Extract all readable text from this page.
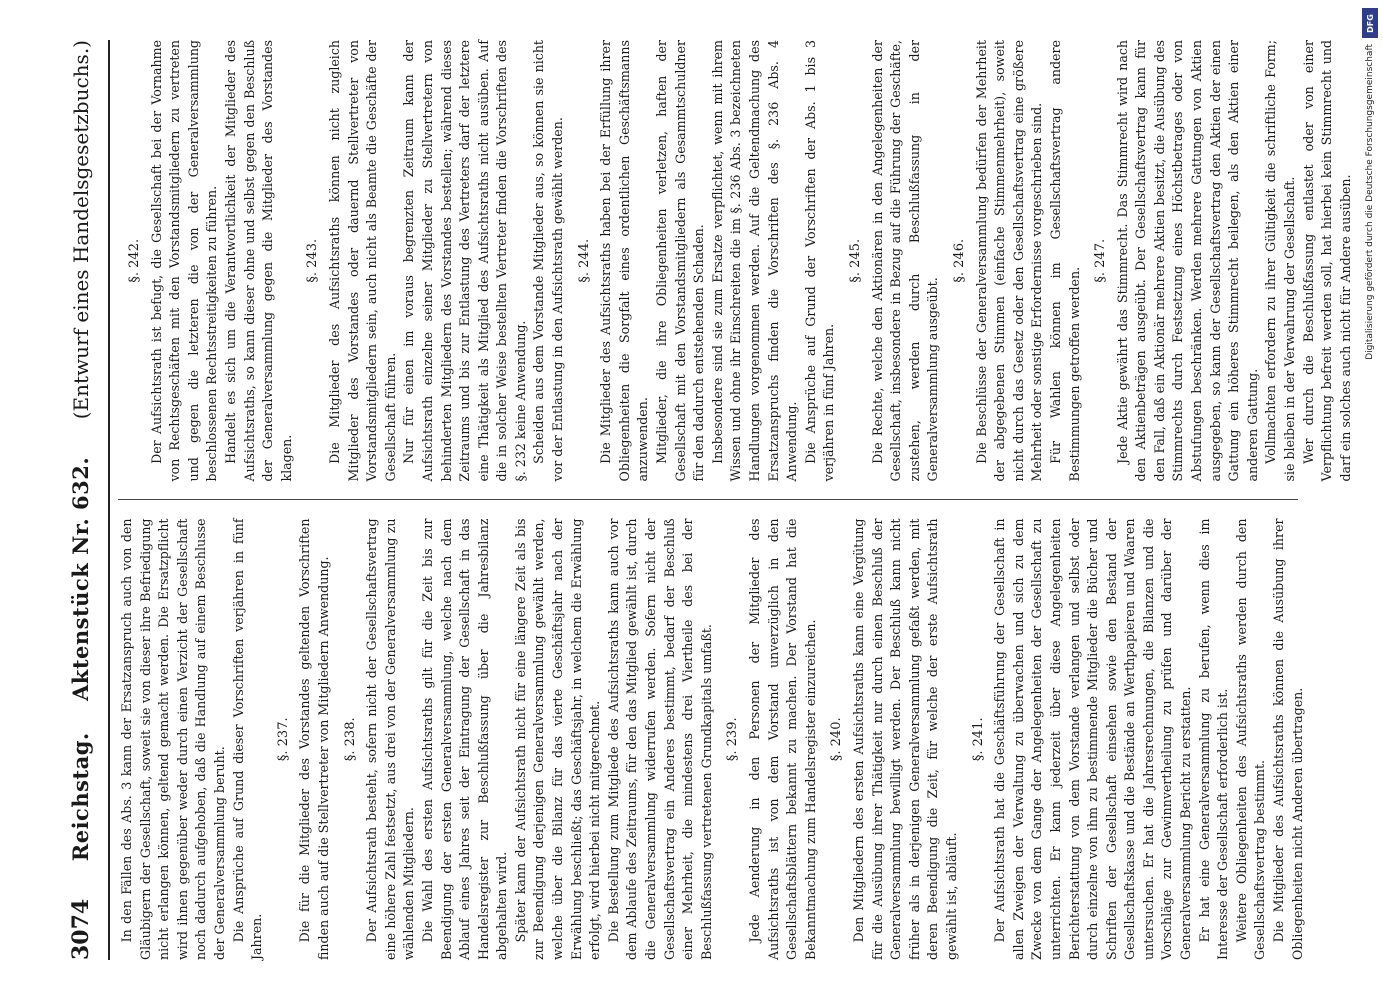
3074
Reichstag.    Aktenstück Nr. 632.
(Entwurf eines Handelsgesetzbuchs.)

In den Fällen des Abs. 3 kann der Ersatzanspruch auch von den Gläubigern der Gesellschaft, soweit sie von dieser ihre Befriedigung nicht erlangen können, geltend gemacht werden. Die Ersatzpflicht wird ihnen gegenüber weder durch einen Verzicht der Gesellschaft noch dadurch aufgehoben, daß die Handlung auf einem Beschlusse der Generalversammlung beruht. Die Ansprüche auf Grund dieser Vorschriften verjähren in fünf Jahren.

§. 237. Die für die Mitglieder des Vorstandes geltenden Vorschriften finden auch auf die Stellvertreter von Mitgliedern Anwendung. §. 238. Der Aufsichtsrath besteht, sofern nicht der Gesellschaftsvertrag eine höhere Zahl festsetzt, aus drei von der Generalversammlung zu wählenden Mitgliedern. Die Wahl des ersten Aufsichtsraths gilt für die Zeit bis zur Beendigung der ersten Generalversammlung, welche nach dem Ablauf eines Jahres seit der Eintragung der Gesellschaft in das Handelsregister zur Beschlußfassung über die Jahresbilanz abgehalten wird. Später kann der Aufsichtsrath nicht für eine längere Zeit als bis zur Beendigung derjenigen Generalversammlung gewählt werden, welche über die Bilanz für das vierte Geschäftsjahr nach der Erwählung beschließt; das Geschäftsjahr, in welchem die Erwählung erfolgt, wird hierbei nicht mitgerechnet. Die Bestellung zum Mitgliede des Aufsichtsraths kann auch vor dem Ablaufe des Zeitraums, für den das Mitglied gewählt ist, durch die Generalversammlung widerrufen werden. Sofern nicht der Gesellschaftsvertrag ein Anderes bestimmt, bedarf der Beschluß einer Mehrheit, die mindestens drei Viertheile des bei der Beschlußfassung vertretenen Grundkapitals umfaßt. §. 239. Jede Aenderung in den Personen der Mitglieder des Aufsichtsraths ist von dem Vorstand unverzüglich in den Gesellschaftsblättern bekannt zu machen. Der Vorstand hat die Bekanntmachung zum Handelsregister einzureichen. §. 240. Den Mitgliedern des ersten Aufsichtsraths kann eine Vergütung für die Ausübung ihrer Thätigkeit nur durch einen Beschluß der Generalversammlung bewilligt werden. Der Beschluß kann nicht früher als in derjenigen Generalversammlung gefaßt werden, mit deren Beendigung die Zeit, für welche der erste Aufsichtsrath gewählt ist, abläuft.

§. 241. Der Aufsichtsrath hat die Geschäftsführung der Gesellschaft in allen Zweigen der Verwaltung zu überwachen und sich zu dem Zwecke von dem Gange der Angelegenheiten der Gesellschaft zu unterrichten. Er kann jederzeit über diese Angelegenheiten Berichterstattung von dem Vorstande verlangen und selbst oder durch einzelne von ihm zu bestimmende Mitglieder die Bücher und Schriften der Gesellschaft einsehen sowie den Bestand der Gesellschaftskasse und die Bestände an Werthpapieren und Waaren untersuchen. Er hat die Jahresrechnungen, die Bilanzen und die Vorschläge zur Gewinnvertheilung zu prüfen und darüber der Generalversammlung Bericht zu erstatten. Er hat eine Generalversammlung zu berufen, wenn dies im Interesse der Gesellschaft erforderlich ist. Weitere Obliegenheiten des Aufsichtsraths werden durch den Gesellschaftsvertrag bestimmt. Die Mitglieder des Aufsichtsraths können die Ausübung ihrer Obliegenheiten nicht Anderen übertragen.

§. 242. Der Aufsichtsrath ist befugt, die Gesellschaft bei der Vornahme von Rechtsgeschäften mit den Vorstandsmitgliedern zu vertreten und gegen die letzteren die von der Generalversammlung beschlossenen Rechtsstreitigkeiten zu führen. Handelt es sich um die Verantwortlichkeit der Mitglieder des Aufsichtsraths, so kann dieser ohne und selbst gegen den Beschluß der Generalversammlung gegen die Mitglieder des Vorstandes klagen.

§. 243. Die Mitglieder des Aufsichtsraths können nicht zugleich Mitglieder des Vorstandes oder dauernd Stellvertreter von Vorstandsmitgliedern sein, auch nicht als Beamte die Geschäfte der Gesellschaft führen. Nur für einen im voraus begrenzten Zeitraum kann der Aufsichtsrath einzelne seiner Mitglieder zu Stellvertretern von behinderten Mitgliedern des Vorstandes bestellen; während dieses Zeitraums und bis zur Entlastung des Vertreters darf der letztere eine Thätigkeit als Mitglied des Aufsichtsraths nicht ausüben. Auf die in solcher Weise bestellten Vertreter finden die Vorschriften des §. 232 keine Anwendung. Scheiden aus dem Vorstande Mitglieder aus, so können sie nicht vor der Entlastung in den Aufsichtsrath gewählt werden. §. 244. Die Mitglieder des Aufsichtsraths haben bei der Erfüllung ihrer Obliegenheiten die Sorgfalt eines ordentlichen Geschäftsmanns anzuwenden. Mitglieder, die ihre Obliegenheiten verletzen, haften der Gesellschaft mit den Vorstandsmitgliedern als Gesammtschuldner für den dadurch entstehenden Schaden. Insbesondere sind sie zum Ersatze verpflichtet, wenn mit ihrem Wissen und ohne ihr Einschreiten die im §. 236 Abs. 3 bezeichneten Handlungen vorgenommen werden. Auf die Geltendmachung des Ersatzanspruchs finden die Vorschriften des §. 236 Abs. 4 Anwendung. Die Ansprüche auf Grund der Vorschriften der Abs. 1 bis 3 verjähren in fünf Jahren.

§. 245. Die Rechte, welche den Aktionären in den Angelegenheiten der Gesellschaft, insbesondere in Bezug auf die Führung der Geschäfte, zustehen, werden durch Beschlußfassung in der Generalversammlung ausgeübt.

§. 246. Die Beschlüsse der Generalversammlung bedürfen der Mehrheit der abgegebenen Stimmen (einfache Stimmenmehrheit), soweit nicht durch das Gesetz oder den Gesellschaftsvertrag eine größere Mehrheit oder sonstige Erfordernisse vorgeschrieben sind. Für Wahlen können im Gesellschaftsvertrag andere Bestimmungen getroffen werden.

§. 247. Jede Aktie gewährt das Stimmrecht. Das Stimmrecht wird nach den Aktienbeträgen ausgeübt. Der Gesellschaftsvertrag kann für den Fall, daß ein Aktionär mehrere Aktien besitzt, die Ausübung des Stimmrechts durch Festsetzung eines Höchstbetrages oder von Abstufungen beschränken. Werden mehrere Gattungen von Aktien ausgegeben, so kann der Gesellschaftsvertrag den Aktien der einen Gattung ein höheres Stimmrecht beilegen, als den Aktien einer anderen Gattung. Vollmachten erfordern zu ihrer Gültigkeit die schriftliche Form; sie bleiben in der Verwahrung der Gesellschaft. Wer durch die Beschlußfassung entlastet oder von einer Verpflichtung befreit werden soll, hat hierbei kein Stimmrecht und darf ein solches auch nicht für Andere ausüben.

DFG
Digitalisierung gefördert durch die Deutsche Forschungsgemeinschaft
